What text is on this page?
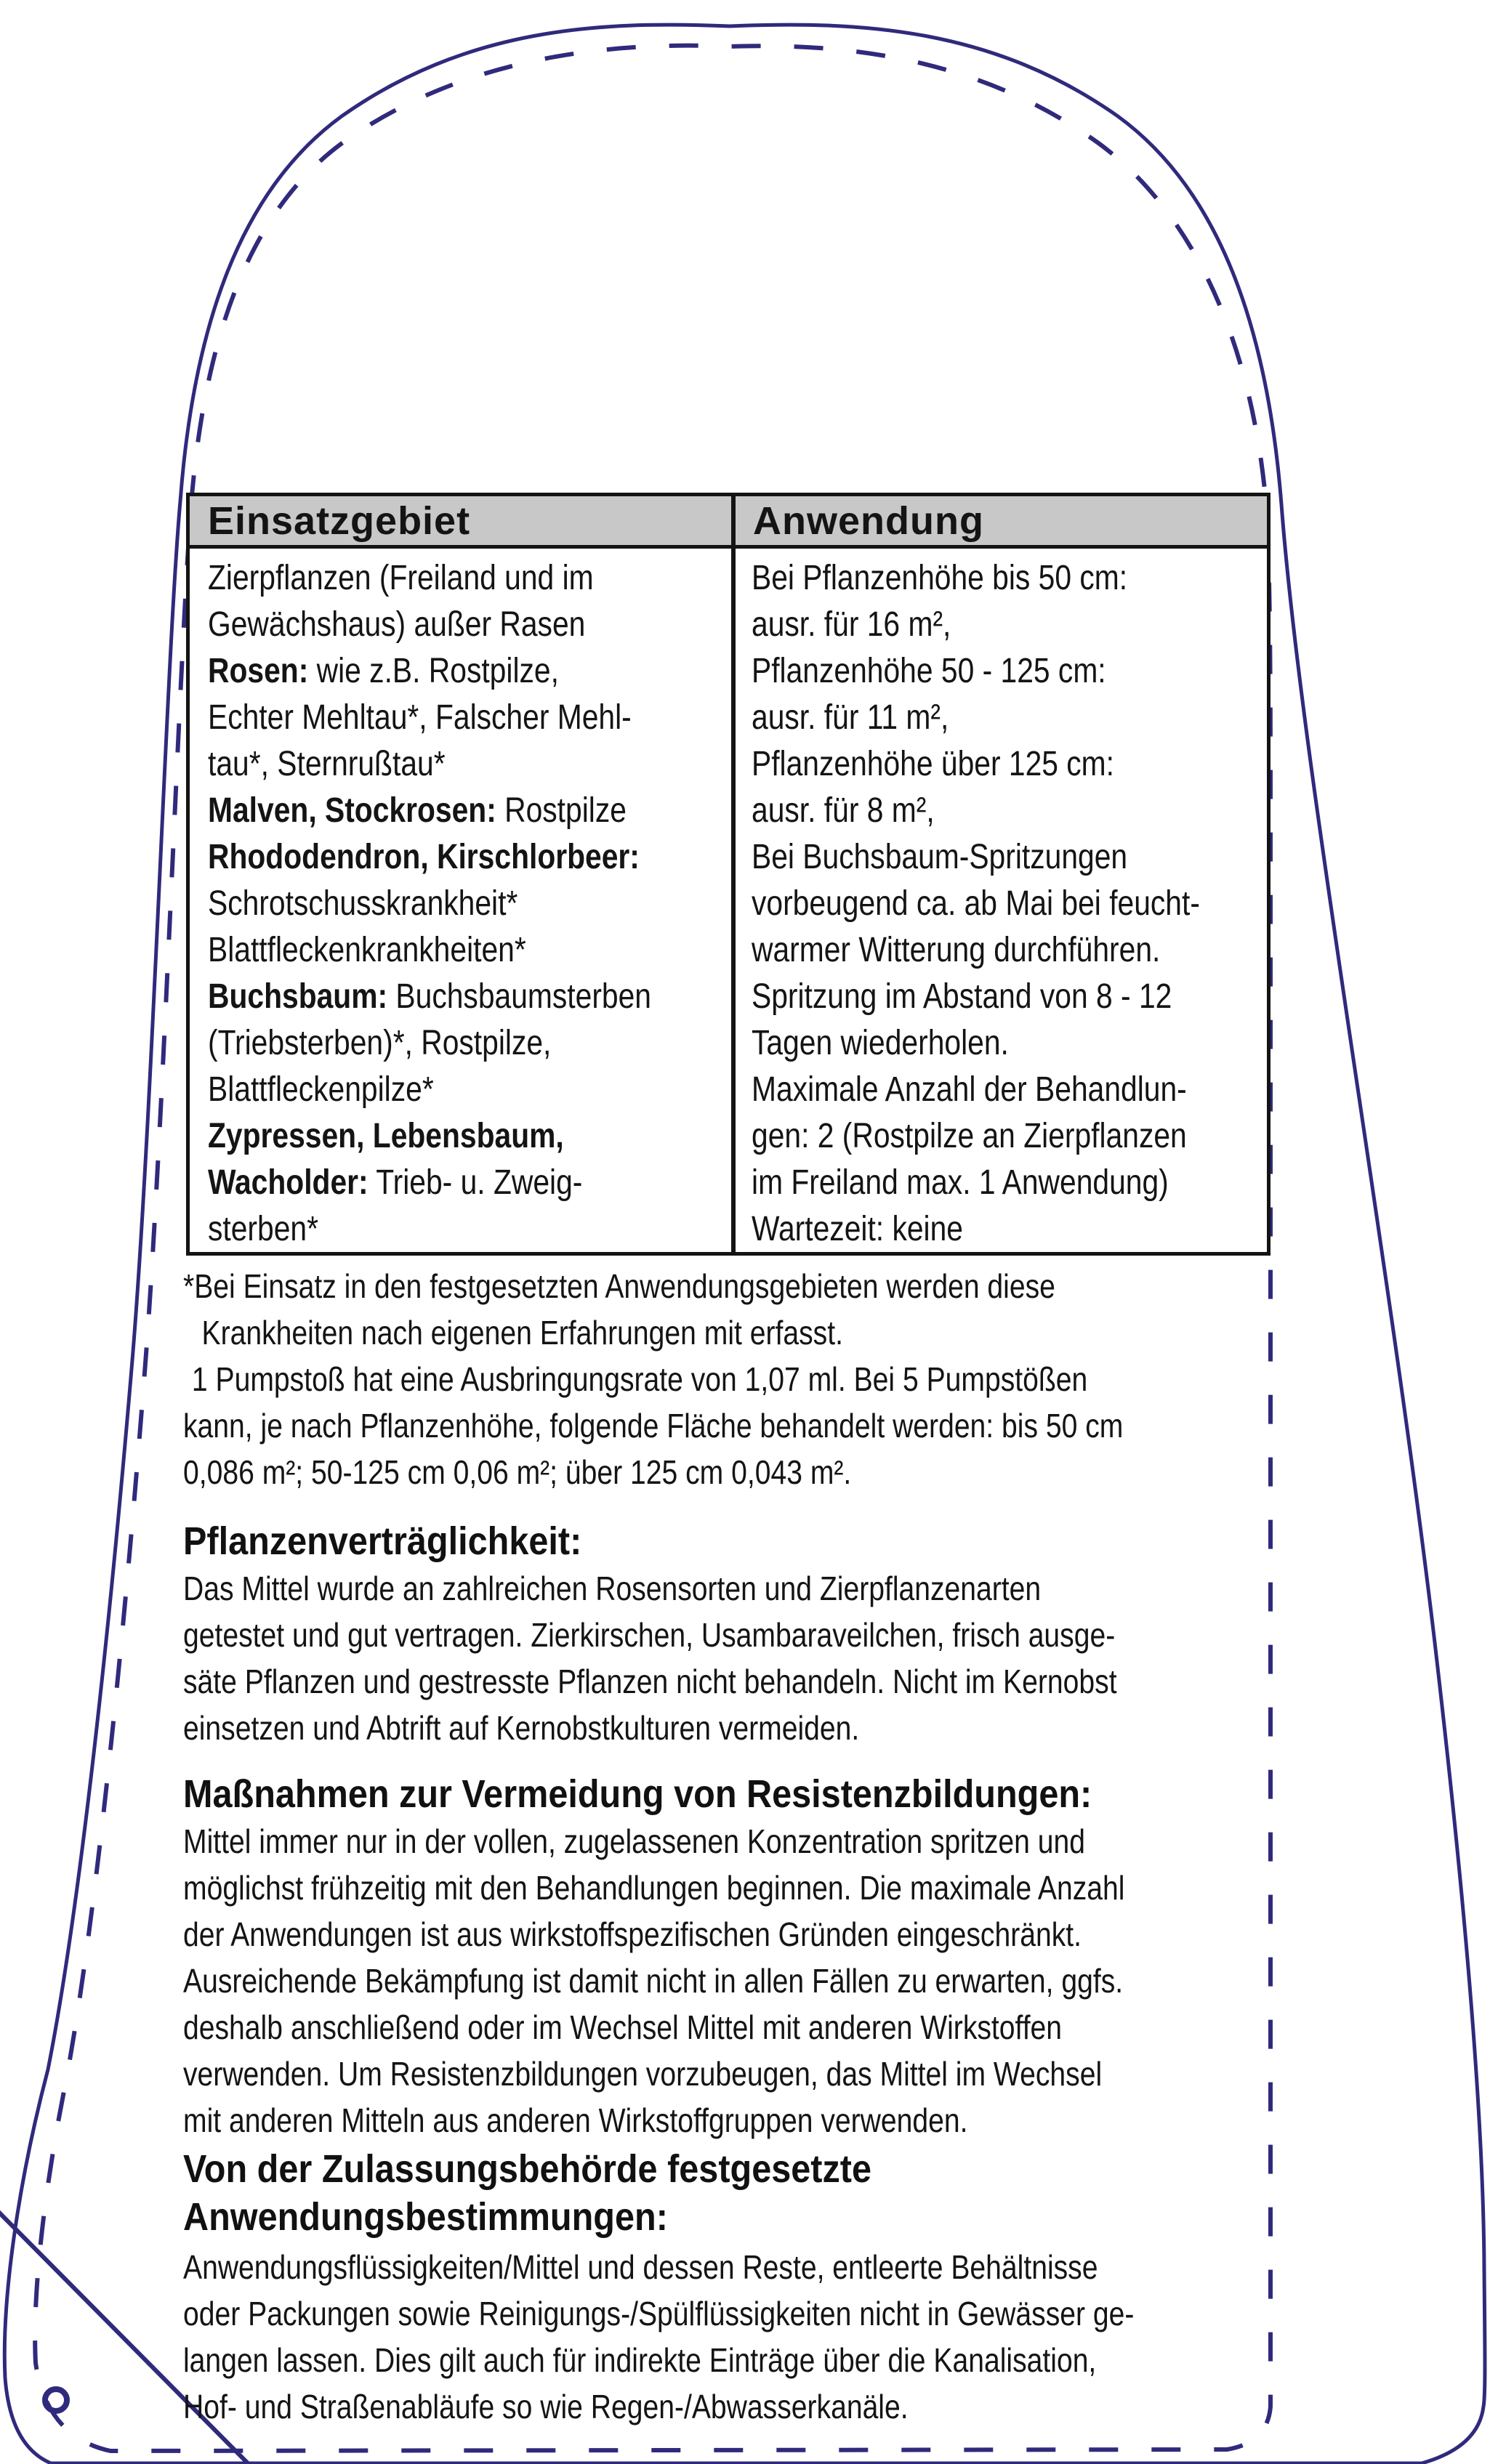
Einsatzgebiet	Anwendung
Zierpflanzen (Freiland und im
Gewächshaus) außer Rasen
Rosen: wie z.B. Rostpilze,
Echter Mehltau*, Falscher Mehl-
tau*, Sternrußtau*
Malven, Stockrosen: Rostpilze
Rhododendron, Kirschlorbeer:
Schrotschusskrankheit*
Blattfleckenkrankheiten*
Buchsbaum: Buchsbaumsterben
(Triebsterben)*, Rostpilze,
Blattfleckenpilze*
Zypressen, Lebensbaum,
Wacholder: Trieb- u. Zweig-
sterben*
Bei Pflanzenhöhe bis 50 cm:
ausr. für 16 m²,
Pflanzenhöhe 50 - 125 cm:
ausr. für 11 m²,
Pflanzenhöhe über 125 cm:
ausr. für 8 m²,
Bei Buchsbaum-Spritzungen
vorbeugend ca. ab Mai bei feucht-
warmer Witterung durchführen.
Spritzung im Abstand von 8 - 12
Tagen wiederholen.
Maximale Anzahl der Behandlun-
gen: 2 (Rostpilze an Zierpflanzen
im Freiland max. 1 Anwendung)
Wartezeit: keine
*Bei Einsatz in den festgesetzten Anwendungsgebieten werden diese
Krankheiten nach eigenen Erfahrungen mit erfasst.
1 Pumpstoß hat eine Ausbringungsrate von 1,07 ml. Bei 5 Pumpstößen
kann, je nach Pflanzenhöhe, folgende Fläche behandelt werden: bis 50 cm
0,086 m²; 50-125 cm 0,06 m²; über 125 cm 0,043 m².
Pflanzenverträglichkeit:
Das Mittel wurde an zahlreichen Rosensorten und Zierpflanzenarten
getestet und gut vertragen. Zierkirschen, Usambaraveilchen, frisch ausge-
säte Pflanzen und gestresste Pflanzen nicht behandeln. Nicht im Kernobst
einsetzen und Abtrift auf Kernobstkulturen vermeiden.
Maßnahmen zur Vermeidung von Resistenzbildungen:
Mittel immer nur in der vollen, zugelassenen Konzentration spritzen und
möglichst frühzeitig mit den Behandlungen beginnen. Die maximale Anzahl
der Anwendungen ist aus wirkstoffspezifischen Gründen eingeschränkt.
Ausreichende Bekämpfung ist damit nicht in allen Fällen zu erwarten, ggfs.
deshalb anschließend oder im Wechsel Mittel mit anderen Wirkstoffen
verwenden. Um Resistenzbildungen vorzubeugen, das Mittel im Wechsel
mit anderen Mitteln aus anderen Wirkstoffgruppen verwenden.
Von der Zulassungsbehörde festgesetzte
Anwendungsbestimmungen:
Anwendungsflüssigkeiten/Mittel und dessen Reste, entleerte Behältnisse
oder Packungen sowie Reinigungs-/Spülflüssigkeiten nicht in Gewässer ge-
langen lassen. Dies gilt auch für indirekte Einträge über die Kanalisation,
Hof- und Straßenabläufe so wie Regen-/Abwasserkanäle.
